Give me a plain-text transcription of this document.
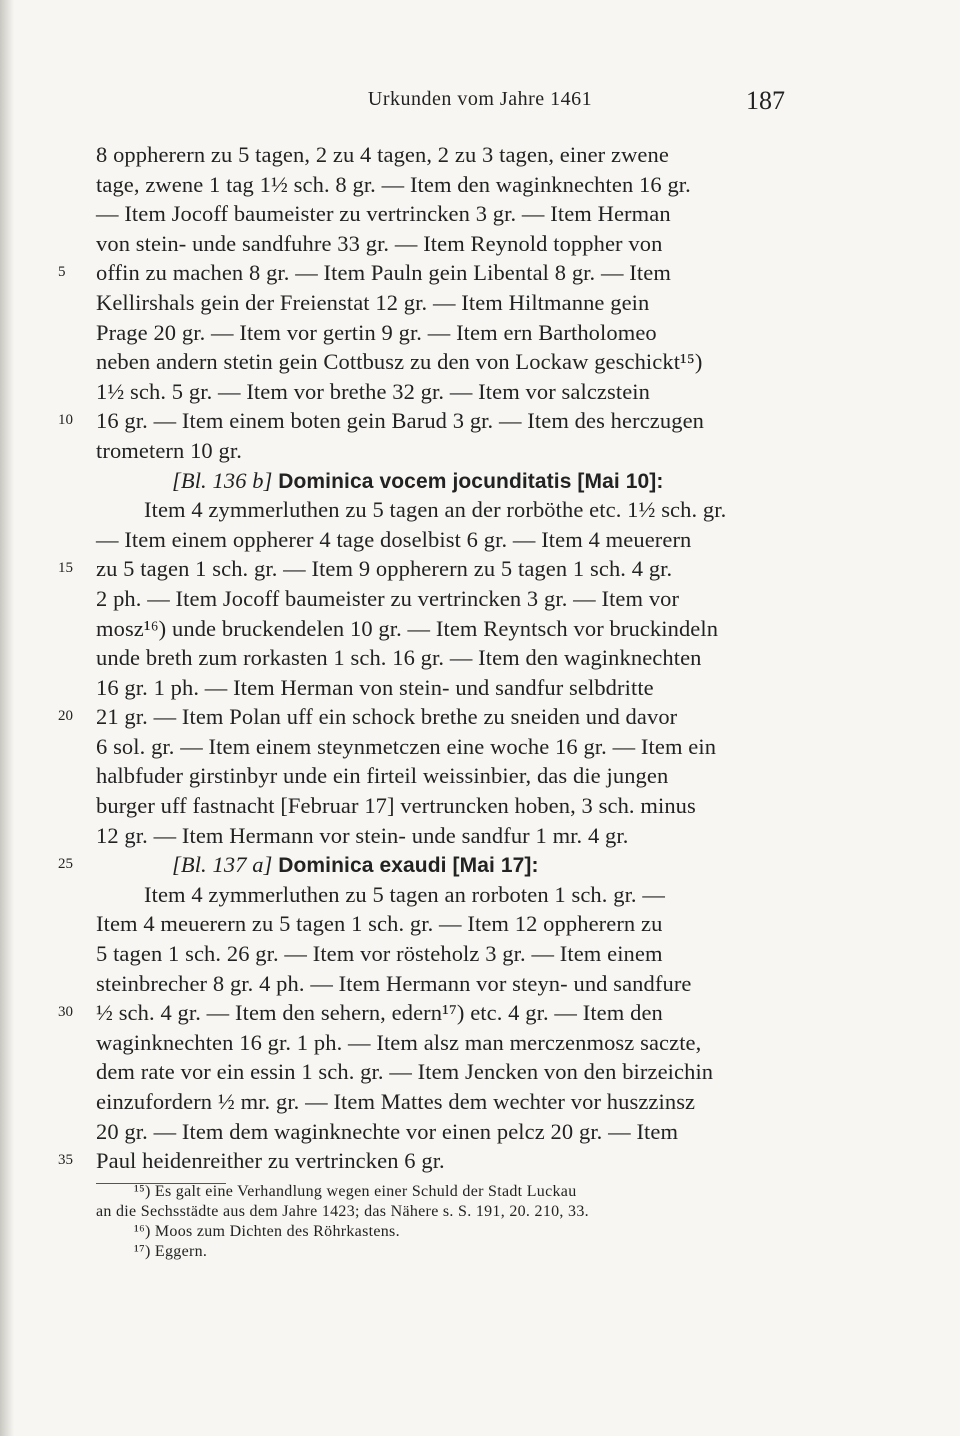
Urkunden vom Jahre 1461	187
5
10
15
20
25
30
35
8 oppherern zu 5 tagen, 2 zu 4 tagen, 2 zu 3 tagen, einer zwene
tage, zwene 1 tag 1½ sch. 8 gr. — Item den waginknechten 16 gr.
— Item Jocoff baumeister zu vertrincken 3 gr. — Item Herman
von stein- unde sandfuhre 33 gr. — Item Reynold toppher von
offin zu machen 8 gr. — Item Pauln gein Libental 8 gr. — Item
Kellirshals gein der Freienstat 12 gr. — Item Hiltmanne gein
Prage 20 gr. — Item vor gertin 9 gr. — Item ern Bartholomeo
neben andern stetin gein Cottbusz zu den von Lockaw geschickt¹⁵)
1½ sch. 5 gr. — Item vor brethe 32 gr. — Item vor salczstein
16 gr. — Item einem boten gein Barud 3 gr. — Item des herczugen
trometern 10 gr.
[Bl. 136 b] Dominica vocem jocunditatis [Mai 10]:
Item 4 zymmerluthen zu 5 tagen an der rorböthe etc. 1½ sch. gr.
— Item einem oppherer 4 tage doselbist 6 gr. — Item 4 meuerern
zu 5 tagen 1 sch. gr. — Item 9 oppherern zu 5 tagen 1 sch. 4 gr.
2 ph. — Item Jocoff baumeister zu vertrincken 3 gr. — Item vor
mosz¹⁶) unde bruckendelen 10 gr. — Item Reyntsch vor bruckindeln
unde breth zum rorkasten 1 sch. 16 gr. — Item den waginknechten
16 gr. 1 ph. — Item Herman von stein- und sandfur selbdritte
21 gr. — Item Polan uff ein schock brethe zu sneiden und davor
6 sol. gr. — Item einem steynmetczen eine woche 16 gr. — Item ein
halbfuder girstinbyr unde ein firteil weissinbier, das die jungen
burger uff fastnacht [Februar 17] vertruncken hoben, 3 sch. minus
12 gr. — Item Hermann vor stein- unde sandfur 1 mr. 4 gr.
[Bl. 137 a] Dominica exaudi [Mai 17]:
Item 4 zymmerluthen zu 5 tagen an rorboten 1 sch. gr. —
Item 4 meuerern zu 5 tagen 1 sch. gr. — Item 12 oppherern zu
5 tagen 1 sch. 26 gr. — Item vor rösteholz 3 gr. — Item einem
steinbrecher 8 gr. 4 ph. — Item Hermann vor steyn- und sandfure
½ sch. 4 gr. — Item den sehern, edern¹⁷) etc. 4 gr. — Item den
waginknechten 16 gr. 1 ph. — Item alsz man merczenmosz saczte,
dem rate vor ein essin 1 sch. gr. — Item Jencken von den birzeichin
einzufordern ½ mr. gr. — Item Mattes dem wechter vor huszzinsz
20 gr. — Item dem waginknechte vor einen pelcz 20 gr. — Item
Paul heidenreither zu vertrincken 6 gr.
¹⁵) Es galt eine Verhandlung wegen einer Schuld der Stadt Luckau
an die Sechsstädte aus dem Jahre 1423; das Nähere s. S. 191, 20. 210, 33.
¹⁶) Moos zum Dichten des Röhrkastens.
¹⁷) Eggern.
